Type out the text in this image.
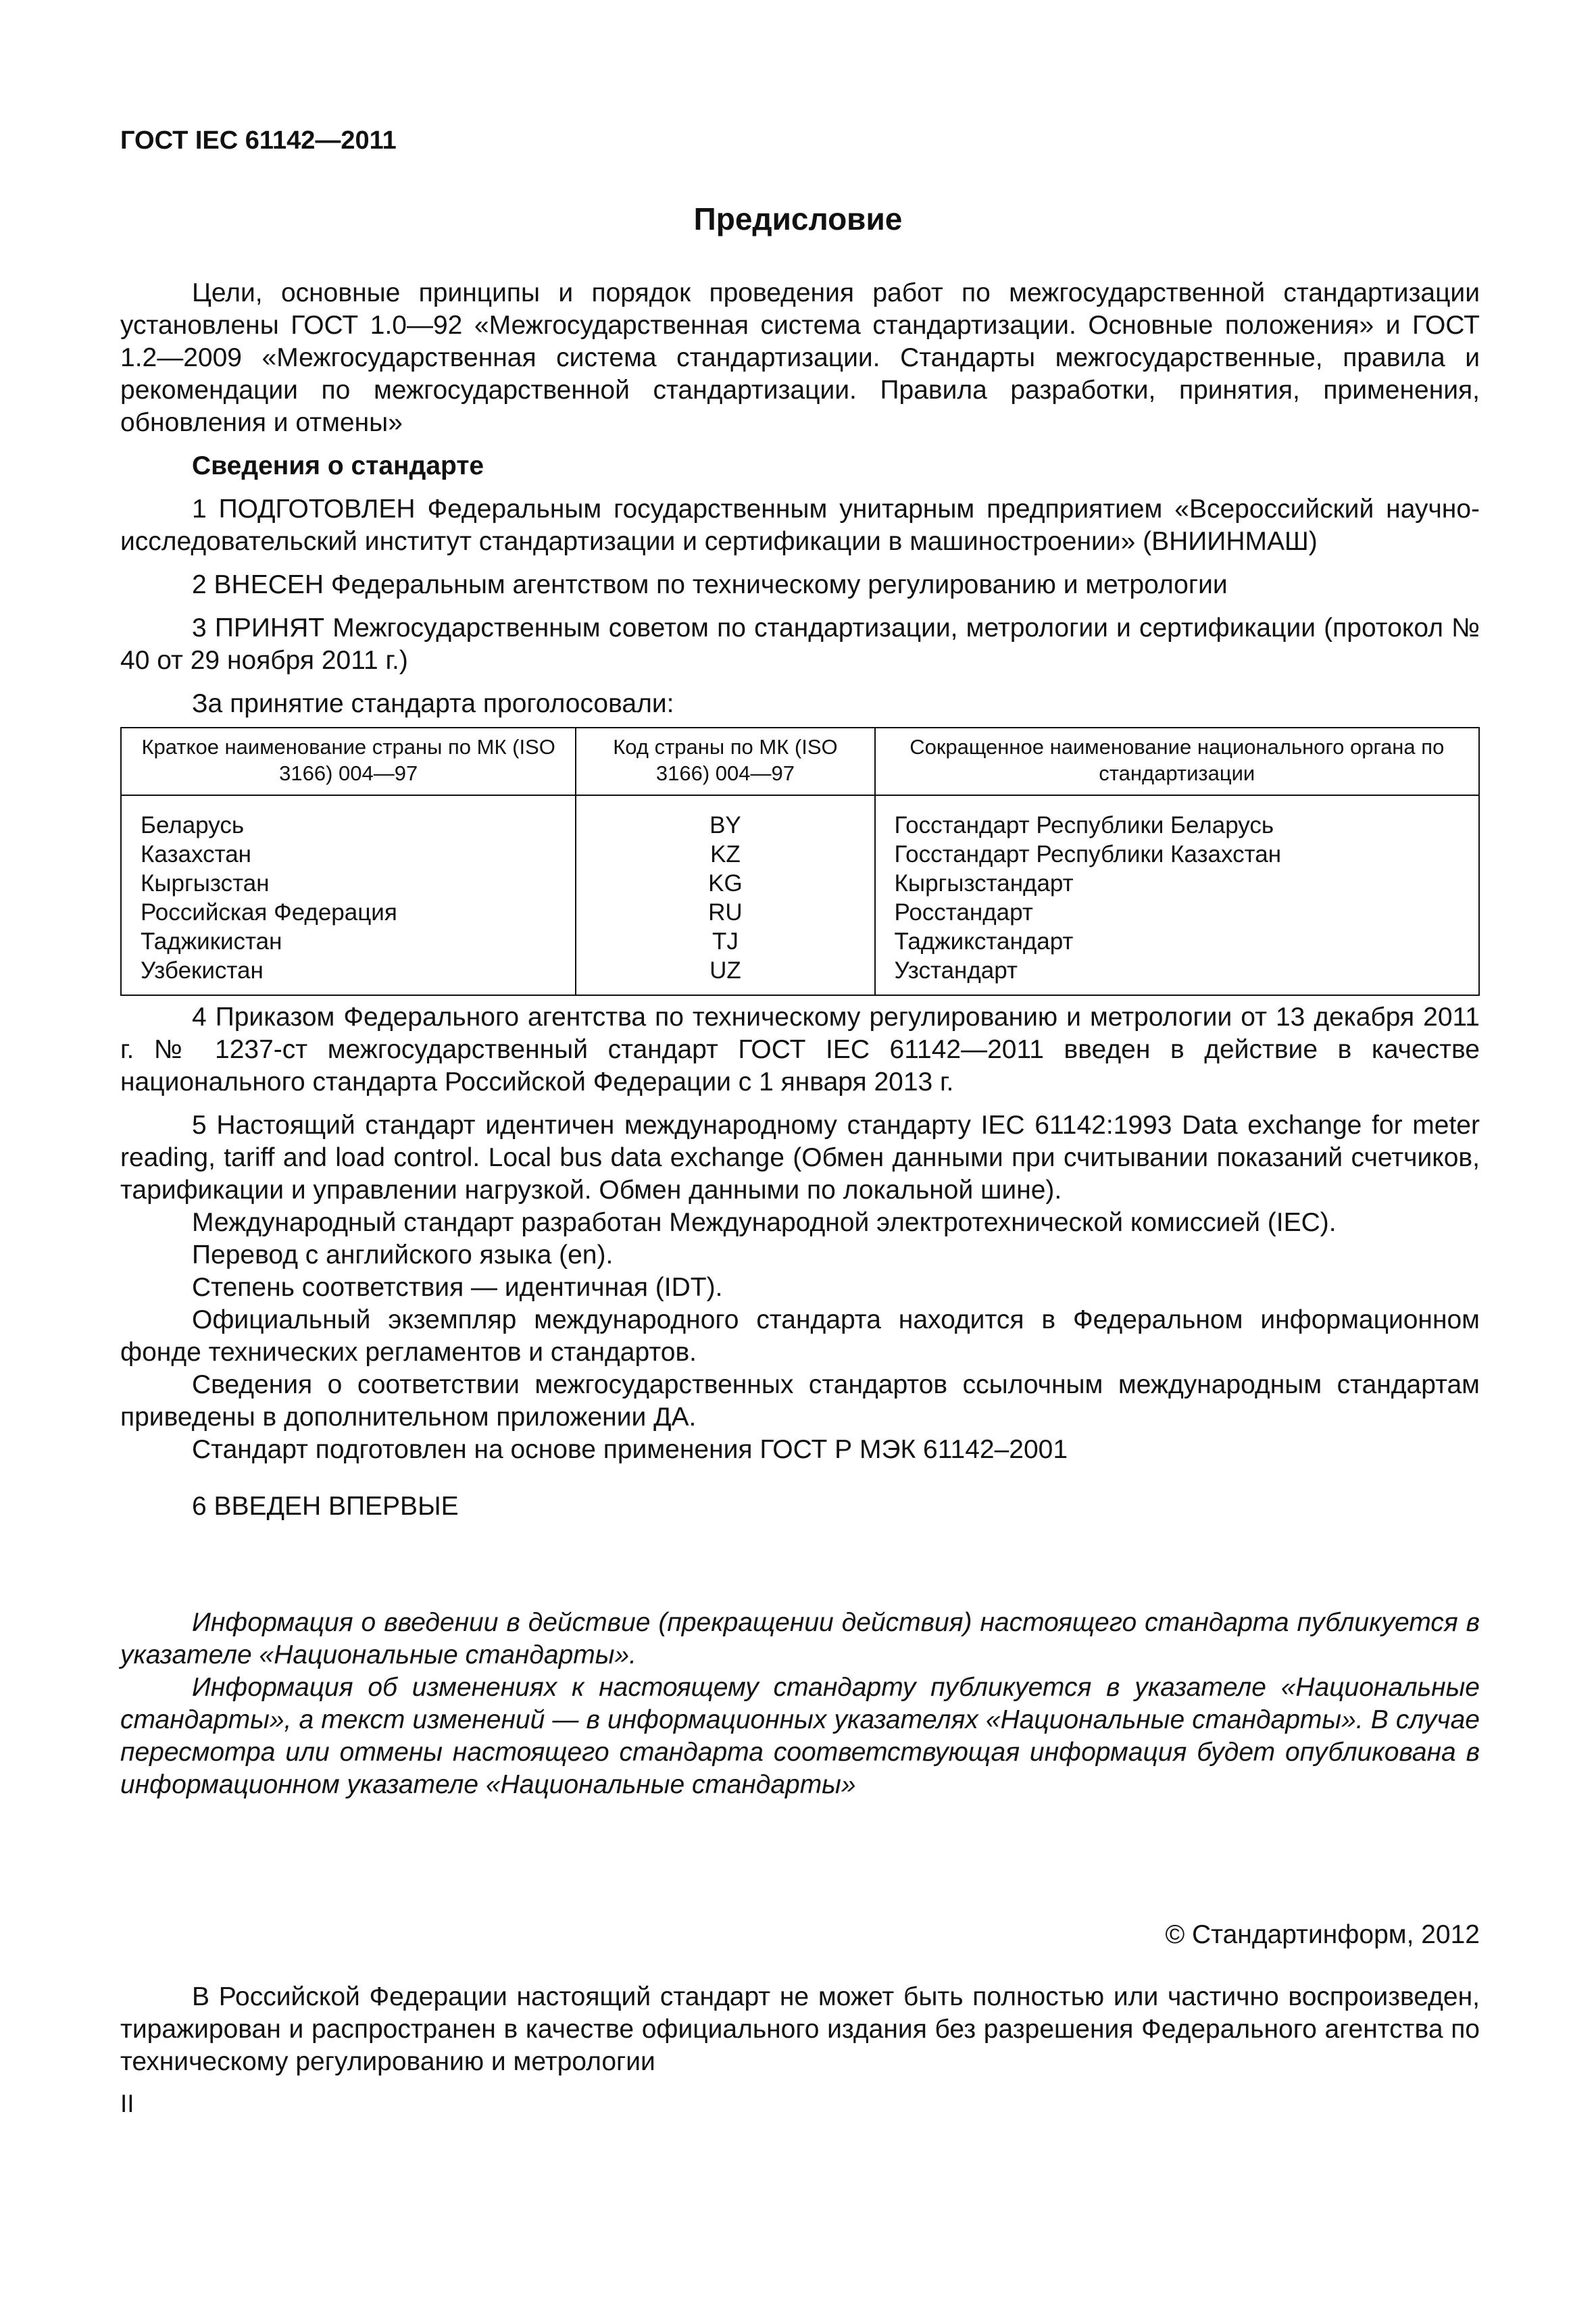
ГОСТ IEC 61142—2011
Предисловие

Цели, основные принципы и порядок проведения работ по межгосударственной стандартизации установлены ГОСТ 1.0—92 «Межгосударственная система стандартизации. Основные положения» и ГОСТ 1.2—2009 «Межгосударственная система стандартизации. Стандарты межгосударственные, правила и рекомендации по межгосударственной стандартизации. Правила разработки, принятия, применения, обновления и отмены»

Сведения о стандарте

1 ПОДГОТОВЛЕН Федеральным государственным унитарным предприятием «Всероссийский научно-исследовательский институт стандартизации и сертификации в машиностроении» (ВНИИНМАШ)

2 ВНЕСЕН Федеральным агентством по техническому регулированию и метрологии

3 ПРИНЯТ Межгосударственным советом по стандартизации, метрологии и сертификации (протокол № 40 от 29 ноября 2011 г.)

За принятие стандарта проголосовали:

Краткое наименование страны по МК (ISO 3166) 004—97	Код страны по МК (ISO 3166) 004—97	Сокращенное наименование национального органа по стандартизации
Беларусь	BY	Госстандарт Республики Беларусь
Казахстан	KZ	Госстандарт Республики Казахстан
Кыргызстан	KG	Кыргызстандарт
Российская Федерация	RU	Росстандарт
Таджикистан	TJ	Таджикстандарт
Узбекистан	UZ	Узстандарт

4 Приказом Федерального агентства по техническому регулированию и метрологии от 13 декабря 2011 г. № 1237-ст межгосударственный стандарт ГОСТ IEC 61142—2011 введен в действие в качестве национального стандарта Российской Федерации с 1 января 2013 г.

5 Настоящий стандарт идентичен международному стандарту IEC 61142:1993 Data exchange for meter reading, tariff and load control. Local bus data exchange (Обмен данными при считывании показаний счетчиков, тарификации и управлении нагрузкой. Обмен данными по локальной шине).

Международный стандарт разработан Международной электротехнической комиссией (IEC).

Перевод с английского языка (en).

Степень соответствия — идентичная (IDT).

Официальный экземпляр международного стандарта находится в Федеральном информационном фонде технических регламентов и стандартов.

Сведения о соответствии межгосударственных стандартов ссылочным международным стандартам приведены в дополнительном приложении ДА.

Стандарт подготовлен на основе применения ГОСТ Р МЭК 61142–2001

6 ВВЕДЕН ВПЕРВЫЕ

Информация о введении в действие (прекращении действия) настоящего стандарта публикуется в указателе «Национальные стандарты».

Информация об изменениях к настоящему стандарту публикуется в указателе «Национальные стандарты», а текст изменений — в информационных указателях «Национальные стандарты». В случае пересмотра или отмены настоящего стандарта соответствующая информация будет опубликована в информационном указателе «Национальные стандарты»

© Стандартинформ, 2012

В Российской Федерации настоящий стандарт не может быть полностью или частично воспроизведен, тиражирован и распространен в качестве официального издания без разрешения Федерального агентства по техническому регулированию и метрологии

II
